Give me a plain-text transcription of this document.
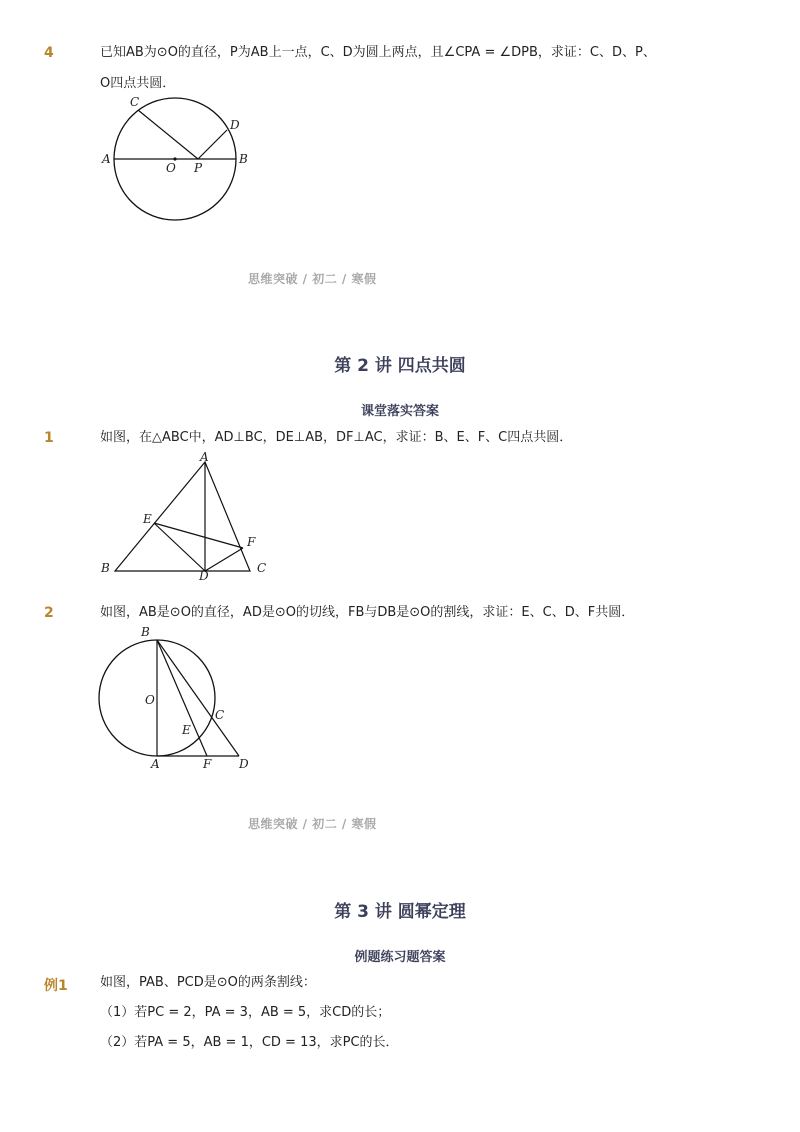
4	已知AB为⊙O的直径，P为AB上一点，C、D为圆上两点，且∠CPA = ∠DPB，求证：C、D、P、
O四点共圆．
C
D
A	B
O P
思维突破 / 初二 / 寒假
第 2 讲 四点共圆
课堂落实答案
1	如图，在△ABC中，AD⊥BC，DE⊥AB，DF⊥AC，求证：B、E、F、C四点共圆．
A
B	C
D
E
F
2	如图，AB是⊙O的直径，AD是⊙O的切线，FB与DB是⊙O的割线，求证：E、C、D、F共圆．
B
O
C
E
A	F D
思维突破 / 初二 / 寒假
第 3 讲 圆幂定理
例题练习题答案
例1 如图，PAB、PCD是⊙O的两条割线：
（1）若PC = 2，PA = 3，AB = 5，求CD的长；
（2）若PA = 5，AB = 1，CD = 13，求PC的长．
